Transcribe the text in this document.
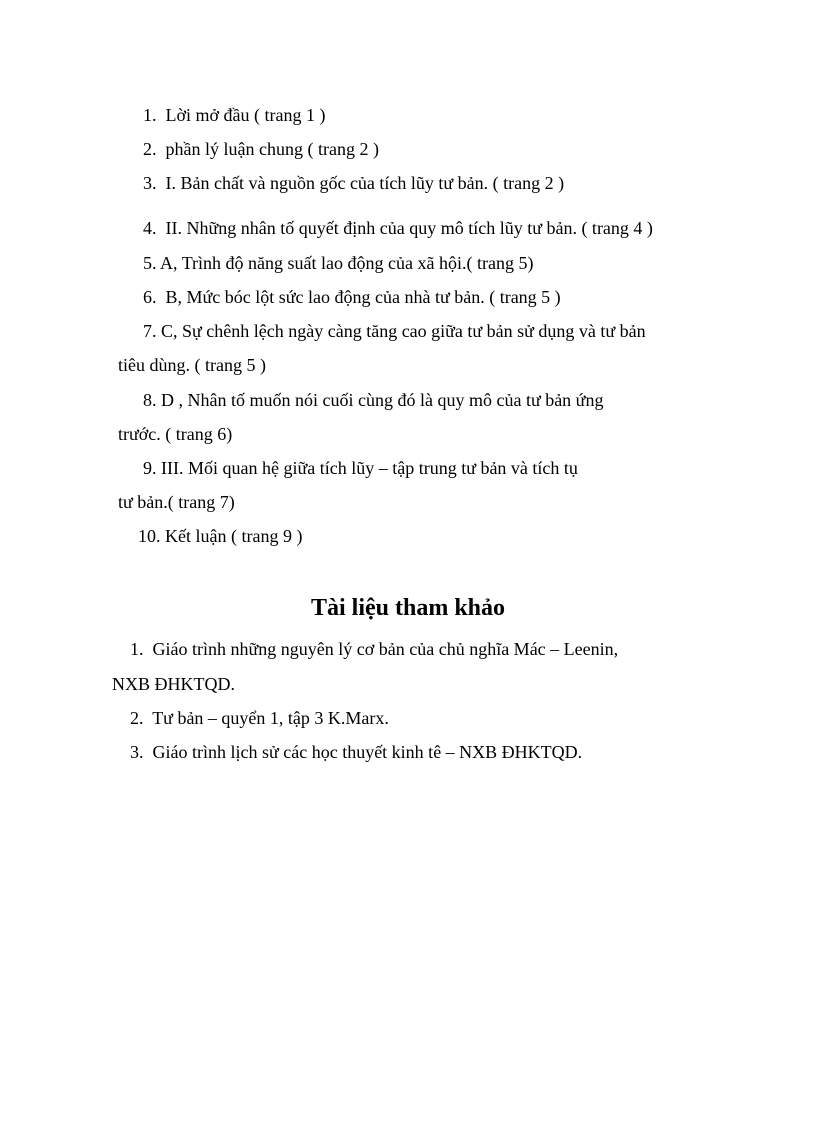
1. Lời mở đầu ( trang 1 )
2. phần lý luận chung ( trang 2 )
3. I. Bản chất và nguồn gốc của tích lũy tư bản. ( trang 2 )
4. II. Những nhân tố quyết định của quy mô tích lũy tư bản. ( trang 4 )
5. A, Trình độ năng suất lao động của xã hội.( trang 5)
6. B, Mức bóc lột sức lao động của nhà tư bản. ( trang 5 )
7. C, Sự chênh lệch ngày càng tăng cao giữa tư bản sử dụng và tư bản
tiêu dùng. ( trang 5 )
8. D , Nhân tố muốn nói cuối cùng đó là quy mô của tư bản ứng
trước. ( trang 6)
9. III. Mối quan hệ giữa tích lũy – tập trung tư bản và tích tụ
tư bản.( trang 7)
10. Kết luận ( trang 9 )
Tài liệu tham khảo
1. Giáo trình những nguyên lý cơ bản của chủ nghĩa Mác – Leenin,
NXB ĐHKTQD.
2. Tư bản – quyển 1, tập 3 K.Marx.
3. Giáo trình lịch sử các học thuyết kinh tê – NXB ĐHKTQD.
